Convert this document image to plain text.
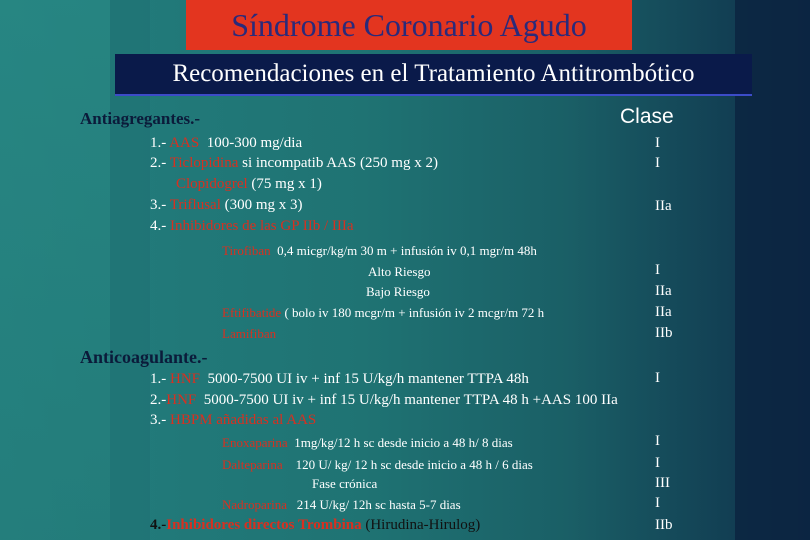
Síndrome Coronario Agudo
Recomendaciones en el Tratamiento Antitrombótico
Antiagregantes.-	Clase
1.- AAS 100-300 mg/dia	I
2.- Ticlopidina si incompatib AAS (250 mg x 2)	I
Clopidogrel (75 mg x 1)
3.- Triflusal (300 mg x 3)	IIa
4.- Inhibidores de las GP IIb / IIIa
Tirofiban 0,4 micgr/kg/m 30 m + infusión iv 0,1 mgr/m 48h
Alto Riesgo	I
Bajo Riesgo	IIa
Eftifibatide ( bolo iv 180 mcgr/m + infusión iv 2 mcgr/m 72 h	IIa
Lamifiban	IIb
Anticoagulante.-
1.- HNF 5000-7500 UI iv + inf 15 U/kg/h mantener TTPA 48h	I
2.-HNF 5000-7500 UI iv + inf 15 U/kg/h mantener TTPA 48 h +AAS 100 IIa
3.- HBPM añadidas al AAS
Enoxaparina 1mg/kg/12 h sc desde inicio a 48 h/ 8 dias	I
Dalteparina 120 U/ kg/ 12 h sc desde inicio a 48 h / 6 dias	I
Fase crónica	III
Nadroparina 214 U/kg/ 12h sc hasta 5-7 dias	I
4.-Inhibidores directos Trombina (Hirudina-Hirulog)	IIb
